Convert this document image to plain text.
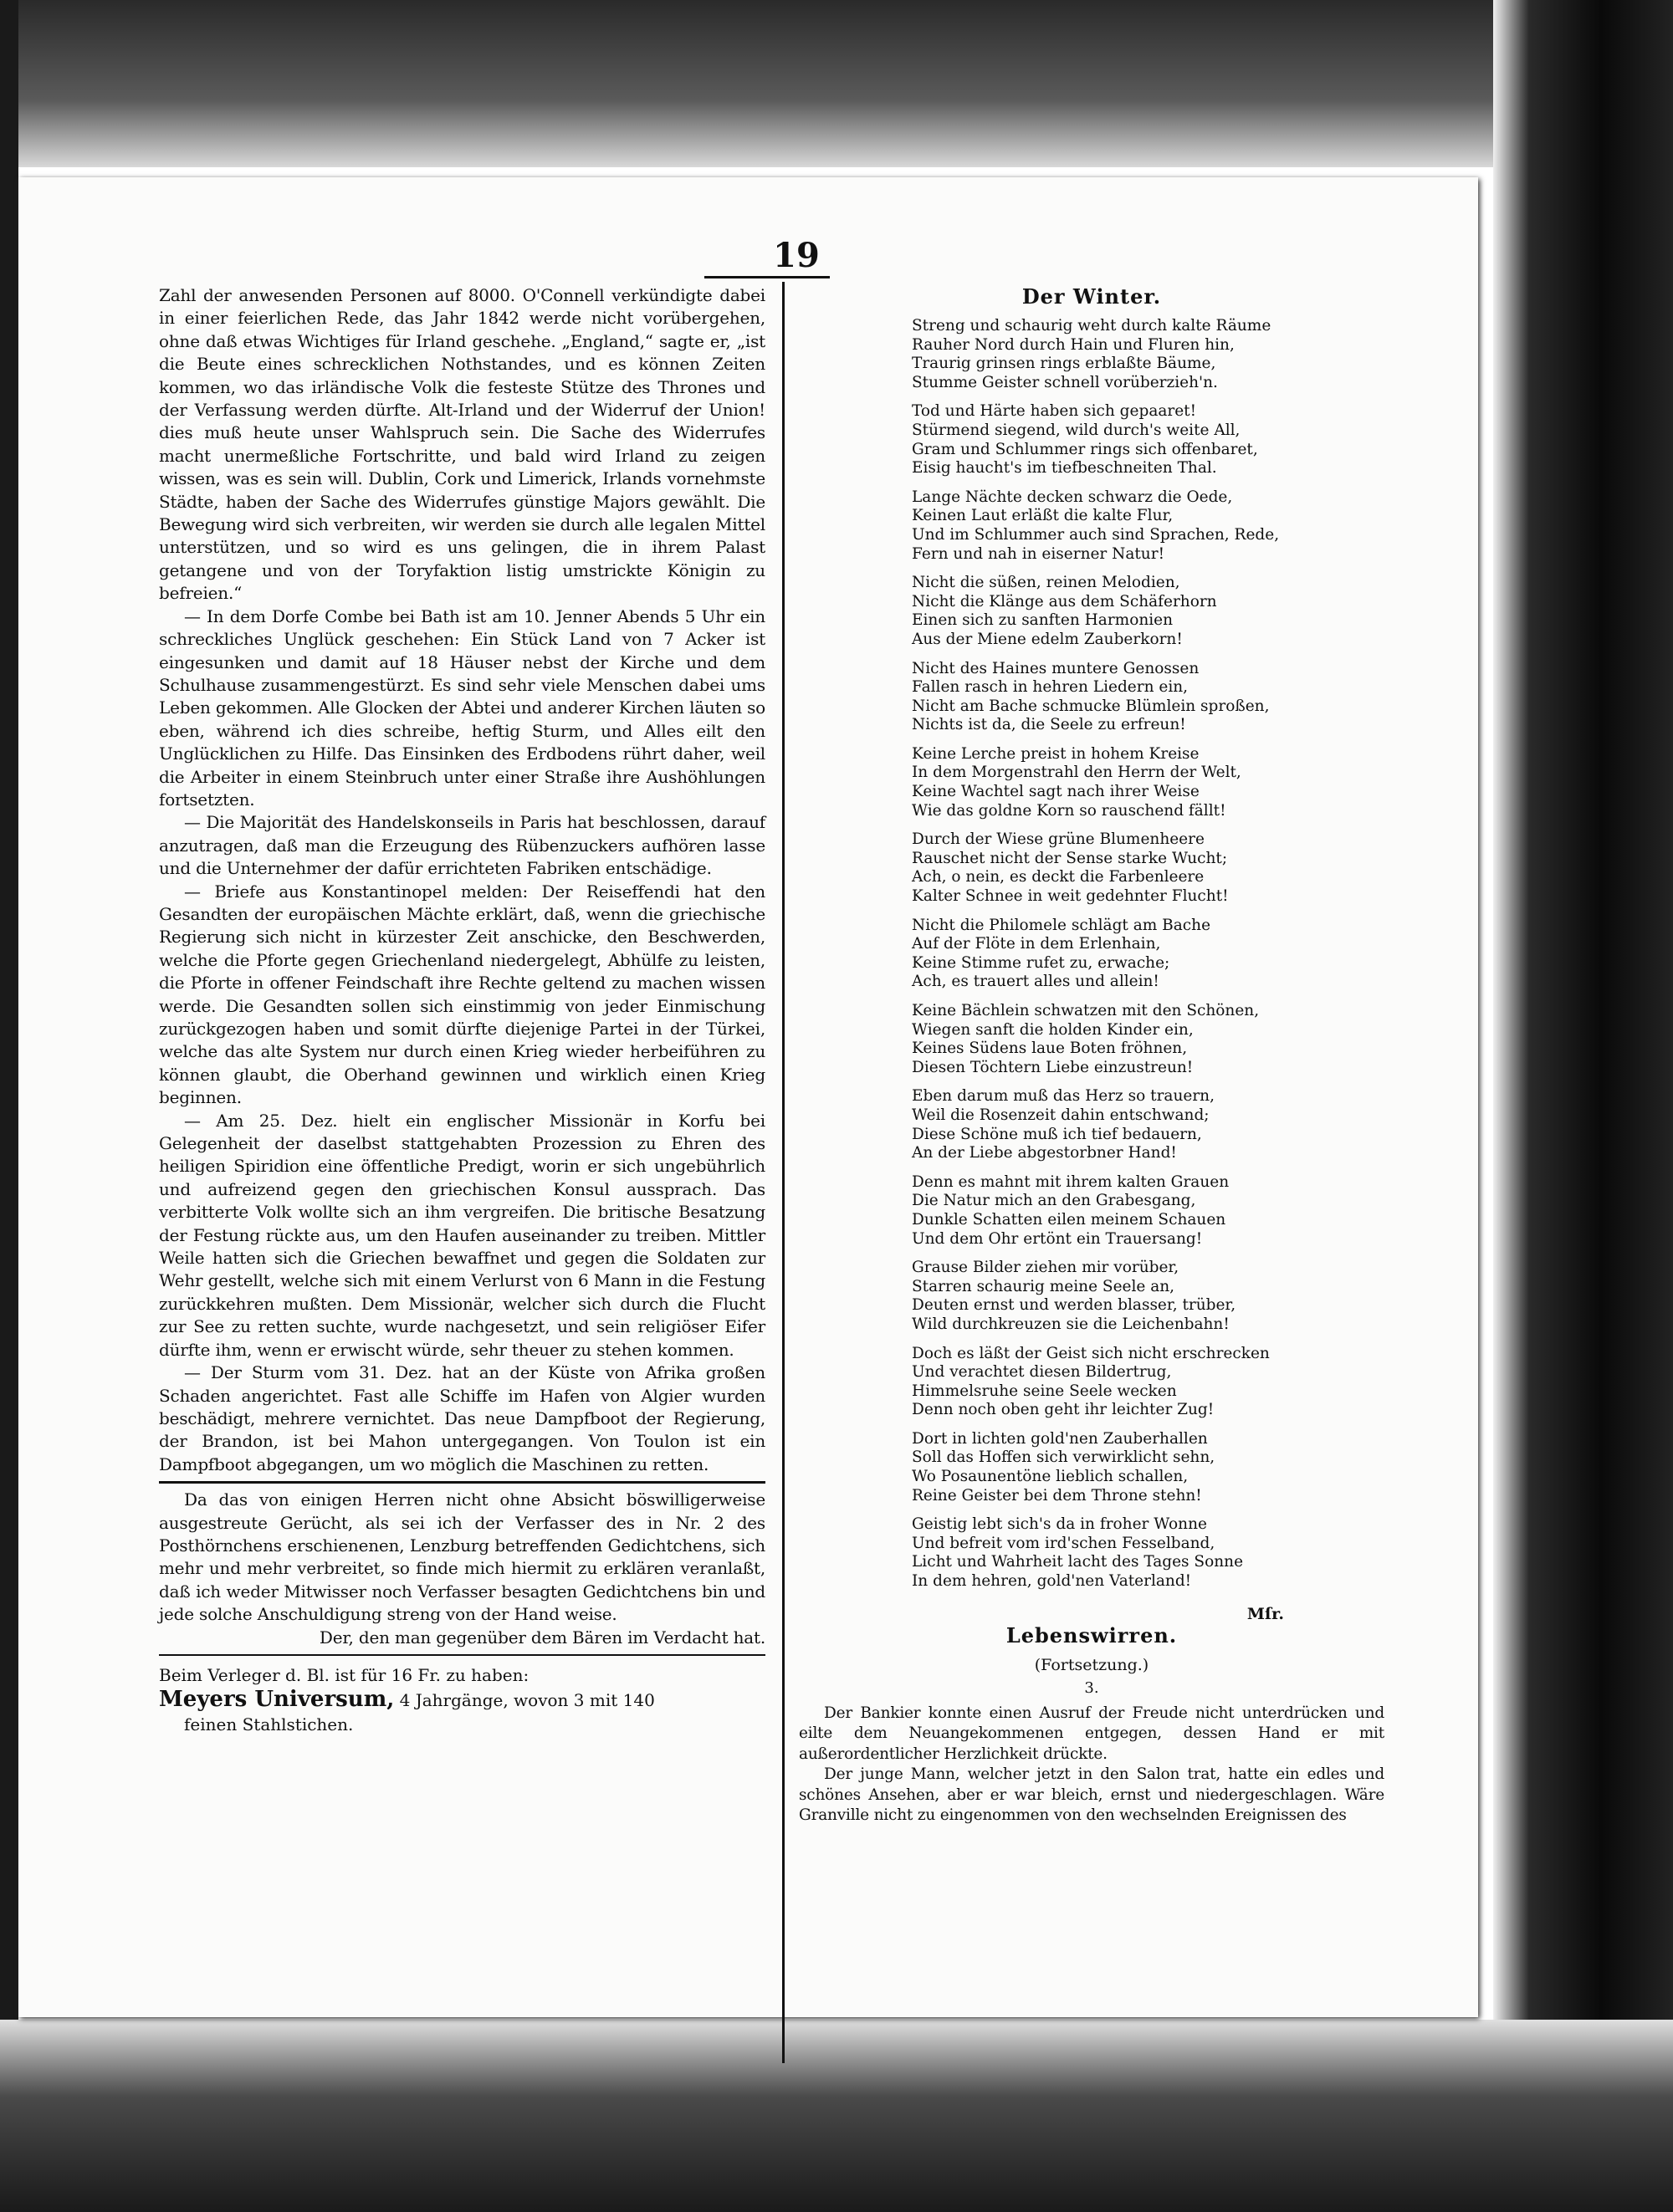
19

Zahl der anwesenden Personen auf 8000. O'Connell verkündigte dabei in einer feierlichen Rede, das Jahr 1842 werde nicht vorübergehen, ohne daß etwas Wichtiges für Irland geschehe. „England,“ sagte er, „ist die Beute eines schrecklichen Nothstandes, und es können Zeiten kommen, wo das irländische Volk die festeste Stütze des Thrones und der Verfassung werden dürfte. Alt-Irland und der Widerruf der Union! dies muß heute unser Wahlspruch sein. Die Sache des Widerrufes macht unermeßliche Fortschritte, und bald wird Irland zu zeigen wissen, was es sein will. Dublin, Cork und Limerick, Irlands vornehmste Städte, haben der Sache des Widerrufes günstige Majors gewählt. Die Bewegung wird sich verbreiten, wir werden sie durch alle legalen Mittel unterstützen, und so wird es uns gelingen, die in ihrem Palast getangene und von der Toryfaktion listig umstrickte Königin zu befreien.“

— In dem Dorfe Combe bei Bath ist am 10. Jenner Abends 5 Uhr ein schreckliches Unglück geschehen: Ein Stück Land von 7 Acker ist eingesunken und damit auf 18 Häuser nebst der Kirche und dem Schulhause zusammengestürzt. Es sind sehr viele Menschen dabei ums Leben gekommen. Alle Glocken der Abtei und anderer Kirchen läuten so eben, während ich dies schreibe, heftig Sturm, und Alles eilt den Unglücklichen zu Hilfe. Das Einsinken des Erdbodens rührt daher, weil die Arbeiter in einem Steinbruch unter einer Straße ihre Aushöhlungen fortsetzten.

— Die Majorität des Handelskonseils in Paris hat beschlossen, darauf anzutragen, daß man die Erzeugung des Rübenzuckers aufhören lasse und die Unternehmer der dafür errichteten Fabriken entschädige.

— Briefe aus Konstantinopel melden: Der Reiseffendi hat den Gesandten der europäischen Mächte erklärt, daß, wenn die griechische Regierung sich nicht in kürzester Zeit anschicke, den Beschwerden, welche die Pforte gegen Griechenland niedergelegt, Abhülfe zu leisten, die Pforte in offener Feindschaft ihre Rechte geltend zu machen wissen werde. Die Gesandten sollen sich einstimmig von jeder Einmischung zurückgezogen haben und somit dürfte diejenige Partei in der Türkei, welche das alte System nur durch einen Krieg wieder herbeiführen zu können glaubt, die Oberhand gewinnen und wirklich einen Krieg beginnen.

— Am 25. Dez. hielt ein englischer Missionär in Korfu bei Gelegenheit der daselbst stattgehabten Prozession zu Ehren des heiligen Spiridion eine öffentliche Predigt, worin er sich ungebührlich und aufreizend gegen den griechischen Konsul aussprach. Das verbitterte Volk wollte sich an ihm vergreifen. Die britische Besatzung der Festung rückte aus, um den Haufen auseinander zu treiben. Mittler Weile hatten sich die Griechen bewaffnet und gegen die Soldaten zur Wehr gestellt, welche sich mit einem Verlurst von 6 Mann in die Festung zurückkehren mußten. Dem Missionär, welcher sich durch die Flucht zur See zu retten suchte, wurde nachgesetzt, und sein religiöser Eifer dürfte ihm, wenn er erwischt würde, sehr theuer zu stehen kommen.

— Der Sturm vom 31. Dez. hat an der Küste von Afrika großen Schaden angerichtet. Fast alle Schiffe im Hafen von Algier wurden beschädigt, mehrere vernichtet. Das neue Dampfboot der Regierung, der Brandon, ist bei Mahon untergegangen. Von Toulon ist ein Dampfboot abgegangen, um wo möglich die Maschinen zu retten.

Da das von einigen Herren nicht ohne Absicht böswilligerweise ausgestreute Gerücht, als sei ich der Verfasser des in Nr. 2 des Posthörnchens erschienenen, Lenzburg betreffenden Gedichtchens, sich mehr und mehr verbreitet, so finde mich hiermit zu erklären veranlaßt, daß ich weder Mitwisser noch Verfasser besagten Gedichtchens bin und jede solche Anschuldigung streng von der Hand weise.

Der, den man gegenüber dem Bären im Verdacht hat.

Beim Verleger d. Bl. ist für 16 Fr. zu haben:

Meyers Universum, 4 Jahrgänge, wovon 3 mit 140

feinen Stahlstichen.

Der Winter.

Streng und schaurig weht durch kalte Räume

Rauher Nord durch Hain und Fluren hin,

Traurig grinsen rings erblaßte Bäume,

Stumme Geister schnell vorüberzieh'n.

Tod und Härte haben sich gepaaret!

Stürmend siegend, wild durch's weite All,

Gram und Schlummer rings sich offenbaret,

Eisig haucht's im tiefbeschneiten Thal.

Lange Nächte decken schwarz die Oede,

Keinen Laut erläßt die kalte Flur,

Und im Schlummer auch sind Sprachen, Rede,

Fern und nah in eiserner Natur!

Nicht die süßen, reinen Melodien,

Nicht die Klänge aus dem Schäferhorn

Einen sich zu sanften Harmonien

Aus der Miene edelm Zauberkorn!

Nicht des Haines muntere Genossen

Fallen rasch in hehren Liedern ein,

Nicht am Bache schmucke Blümlein sproßen,

Nichts ist da, die Seele zu erfreun!

Keine Lerche preist in hohem Kreise

In dem Morgenstrahl den Herrn der Welt,

Keine Wachtel sagt nach ihrer Weise

Wie das goldne Korn so rauschend fällt!

Durch der Wiese grüne Blumenheere

Rauschet nicht der Sense starke Wucht;

Ach, o nein, es deckt die Farbenleere

Kalter Schnee in weit gedehnter Flucht!

Nicht die Philomele schlägt am Bache

Auf der Flöte in dem Erlenhain,

Keine Stimme rufet zu, erwache;

Ach, es trauert alles und allein!

Keine Bächlein schwatzen mit den Schönen,

Wiegen sanft die holden Kinder ein,

Keines Südens laue Boten fröhnen,

Diesen Töchtern Liebe einzustreun!

Eben darum muß das Herz so trauern,

Weil die Rosenzeit dahin entschwand;

Diese Schöne muß ich tief bedauern,

An der Liebe abgestorbner Hand!

Denn es mahnt mit ihrem kalten Grauen

Die Natur mich an den Grabesgang,

Dunkle Schatten eilen meinem Schauen

Und dem Ohr ertönt ein Trauersang!

Grause Bilder ziehen mir vorüber,

Starren schaurig meine Seele an,

Deuten ernst und werden blasser, trüber,

Wild durchkreuzen sie die Leichenbahn!

Doch es läßt der Geist sich nicht erschrecken

Und verachtet diesen Bildertrug,

Himmelsruhe seine Seele wecken

Denn noch oben geht ihr leichter Zug!

Dort in lichten gold'nen Zauberhallen

Soll das Hoffen sich verwirklicht sehn,

Wo Posaunentöne lieblich schallen,

Reine Geister bei dem Throne stehn!

Geistig lebt sich's da in froher Wonne

Und befreit vom ird'schen Fesselband,

Licht und Wahrheit lacht des Tages Sonne

In dem hehren, gold'nen Vaterland!

Mſr.
Lebenswirren.
(Fortsetzung.)
3.

Der Bankier konnte einen Ausruf der Freude nicht unterdrücken und eilte dem Neuangekommenen entgegen, dessen Hand er mit außerordentlicher Herzlichkeit drückte.

Der junge Mann, welcher jetzt in den Salon trat, hatte ein edles und schönes Ansehen, aber er war bleich, ernst und niedergeschlagen. Wäre Granville nicht zu eingenommen von den wechselnden Ereignissen des
